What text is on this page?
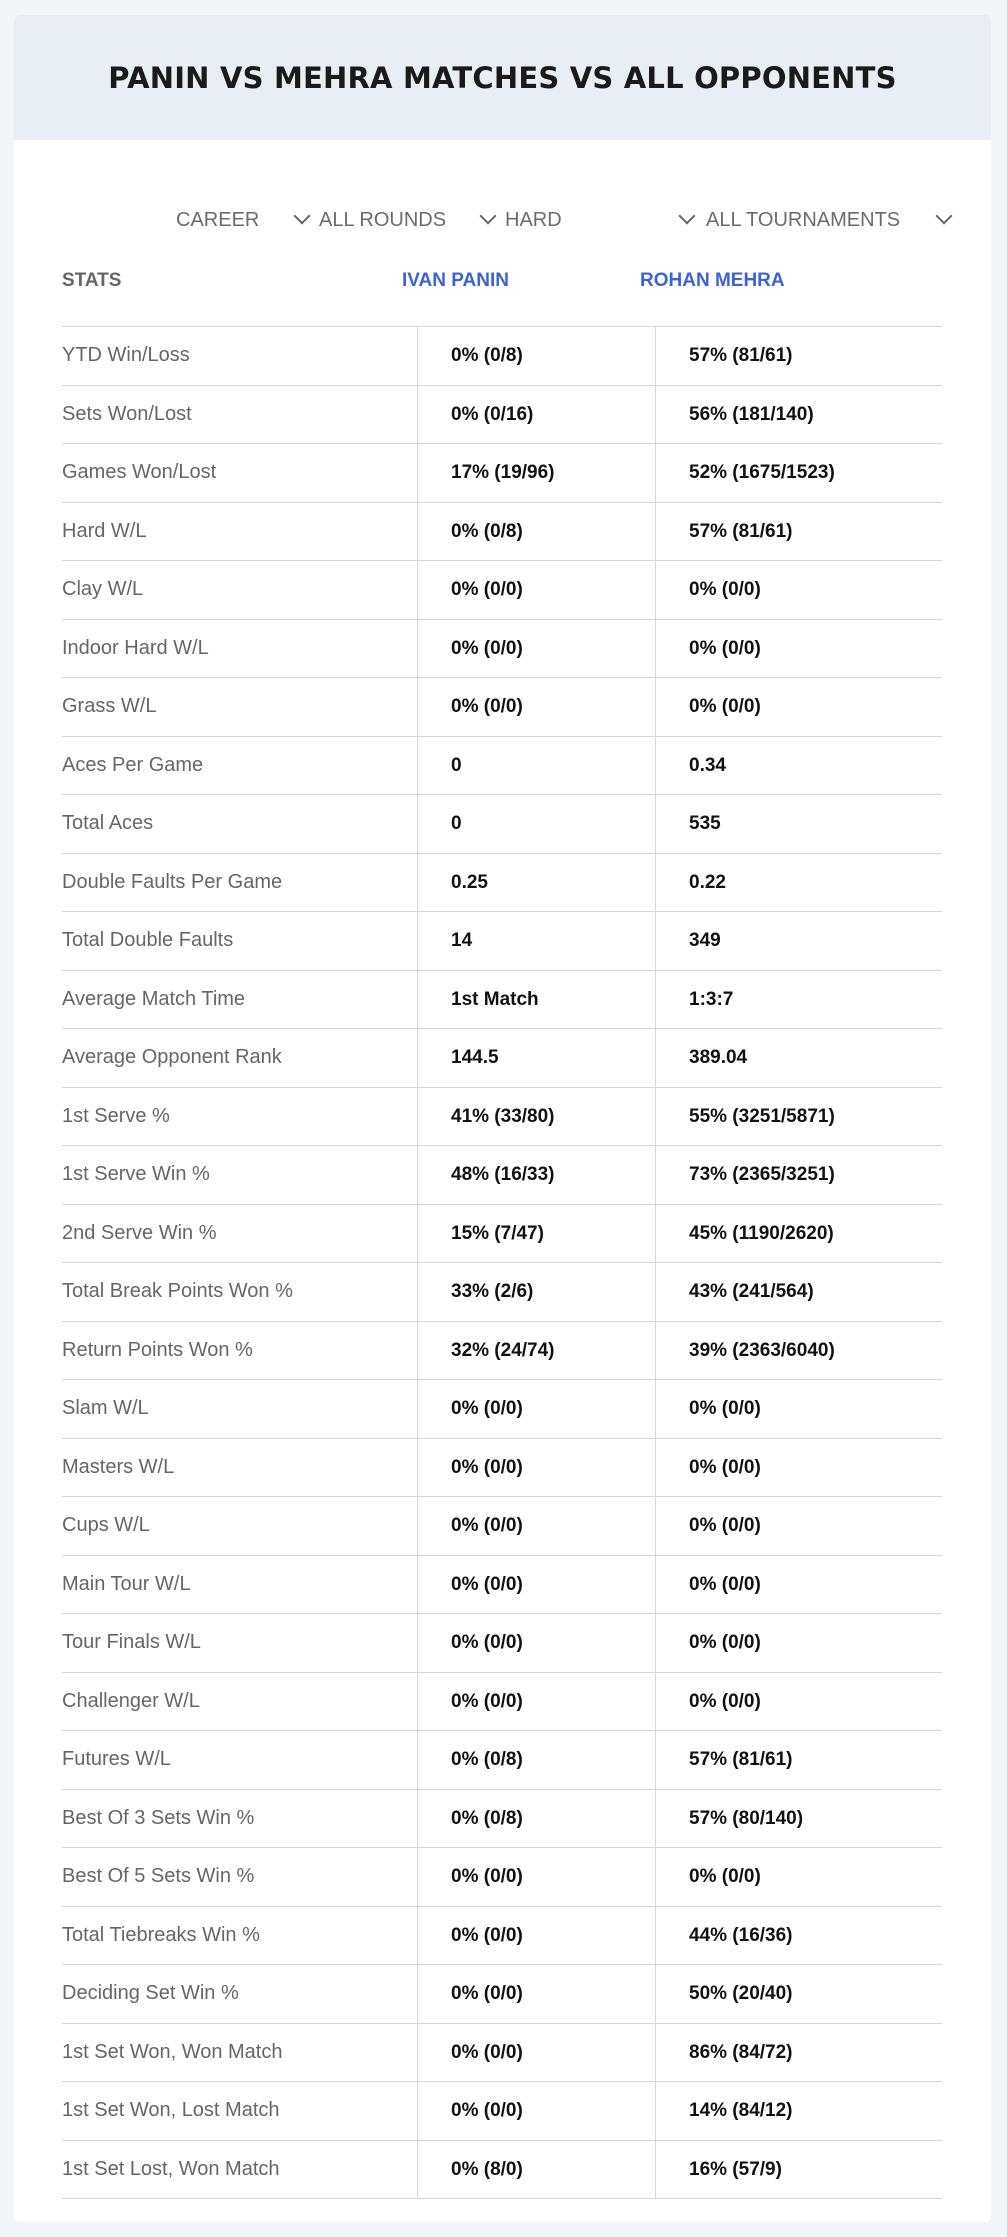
PANIN VS MEHRA MATCHES VS ALL OPPONENTS
CAREER	ALL ROUNDS	HARD	ALL TOURNAMENTS
STATS	IVAN PANIN	ROHAN MEHRA
YTD Win/Loss	0% (0/8)	57% (81/61)
Sets Won/Lost	0% (0/16)	56% (181/140)
Games Won/Lost	17% (19/96)	52% (1675/1523)
Hard W/L	0% (0/8)	57% (81/61)
Clay W/L	0% (0/0)	0% (0/0)
Indoor Hard W/L	0% (0/0)	0% (0/0)
Grass W/L	0% (0/0)	0% (0/0)
Aces Per Game	0	0.34
Total Aces	0	535
Double Faults Per Game	0.25	0.22
Total Double Faults	14	349
Average Match Time	1st Match	1:3:7
Average Opponent Rank	144.5	389.04
1st Serve %	41% (33/80)	55% (3251/5871)
1st Serve Win %	48% (16/33)	73% (2365/3251)
2nd Serve Win %	15% (7/47)	45% (1190/2620)
Total Break Points Won %	33% (2/6)	43% (241/564)
Return Points Won %	32% (24/74)	39% (2363/6040)
Slam W/L	0% (0/0)	0% (0/0)
Masters W/L	0% (0/0)	0% (0/0)
Cups W/L	0% (0/0)	0% (0/0)
Main Tour W/L	0% (0/0)	0% (0/0)
Tour Finals W/L	0% (0/0)	0% (0/0)
Challenger W/L	0% (0/0)	0% (0/0)
Futures W/L	0% (0/8)	57% (81/61)
Best Of 3 Sets Win %	0% (0/8)	57% (80/140)
Best Of 5 Sets Win %	0% (0/0)	0% (0/0)
Total Tiebreaks Win %	0% (0/0)	44% (16/36)
Deciding Set Win %	0% (0/0)	50% (20/40)
1st Set Won, Won Match	0% (0/0)	86% (84/72)
1st Set Won, Lost Match	0% (0/0)	14% (84/12)
1st Set Lost, Won Match	0% (8/0)	16% (57/9)
